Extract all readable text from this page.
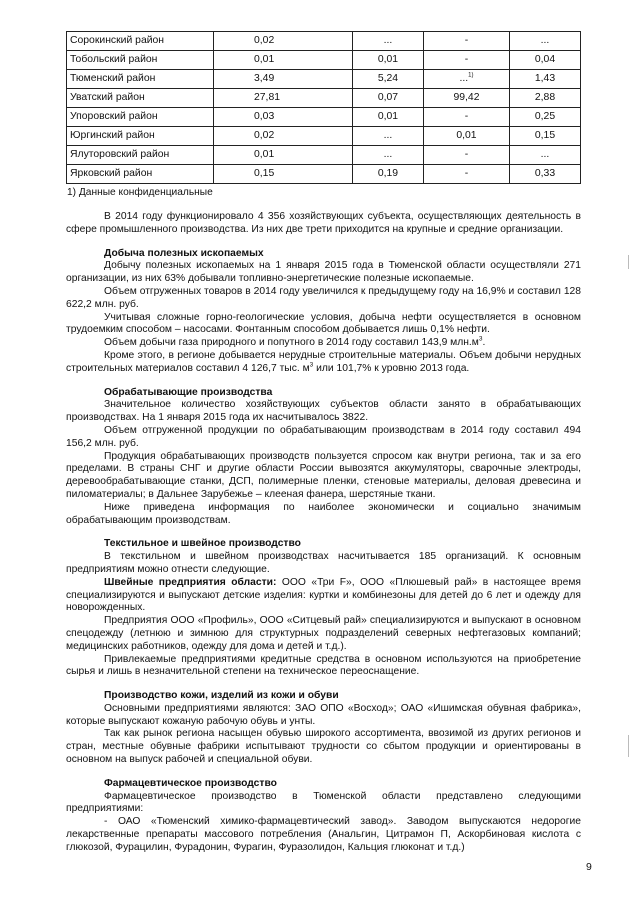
Сорокинский район	0,02	...	-	...
Тобольский район	0,01	0,01	-	0,04
Тюменский район	3,49	5,24	...$^{1)}$	1,43
Уватский район	27,81	0,07	99,42	2,88
Упоровский район	0,03	0,01	-	0,25
Юргинский район	0,02	...	0,01	0,15
Ялуторовский район	0,01	...	-	...
Ярковский район	0,15	0,19	-	0,33
1) Данные конфиденциальные

В 2014 году функционировало 4 356 хозяйствующих субъекта, осуществляющих деятельность в сфере промышленного производства. Из них две трети приходится на крупные и средние организации.

Добыча полезных ископаемых

Добычу полезных ископаемых на 1 января 2015 года в Тюменской области осуществляли 271 организации, из них 63% добывали топливно-энергетические полезные ископаемые.

Объем отгруженных товаров в 2014 году увеличился к предыдущему году на 16,9% и составил 128 622,2 млн. руб.

Учитывая сложные горно-геологические условия, добыча нефти осуществляется в основном трудоемким способом – насосами. Фонтанным способом добывается лишь 0,1% нефти.

Объем добычи газа природного и попутного в 2014 году составил 143,9 $млн.м^3$.

Кроме этого, в регионе добывается нерудные строительные материалы. Объем добычи нерудных строительных материалов составил 4 126,7 тыс. $м^3$ или 101,7% к уровню 2013 года.

Обрабатывающие производства

Значительное количество хозяйствующих субъектов области занято в обрабатывающих производствах. На 1 января 2015 года их насчитывалось 3822.

Объем отгруженной продукции по обрабатывающим производствам в 2014 году составил 494 156,2 млн. руб.

Продукция обрабатывающих производств пользуется спросом как внутри региона, так и за его пределами. В страны СНГ и другие области России вывозятся аккумуляторы, сварочные электроды, деревообрабатывающие станки, ДСП, полимерные пленки, стеновые материалы, деловая древесина и пиломатериалы; в Дальнее Зарубежье – клееная фанера, шерстяные ткани.

Ниже приведена информация по наиболее экономически и социально значимым обрабатывающим производствам.

Текстильное и швейное производство

В текстильном и швейном производствах насчитывается 185 организаций. К основным предприятиям можно отнести следующие.

Швейные предприятия области: ООО «Три F», ООО «Плюшевый рай» в настоящее время специализируются и выпускают детские изделия: куртки и комбинезоны для детей до 6 лет и одежду для новорожденных.

Предприятия ООО «Профиль», ООО «Ситцевый рай» специализируются и выпускают в основном спецодежду (летнюю и зимнюю для структурных подразделений северных нефтегазовых компаний; медицинских работников, одежду для дома и детей и т.д.).

Привлекаемые предприятиями кредитные средства в основном используются на приобретение сырья и лишь в незначительной степени на техническое переоснащение.

Производство кожи, изделий из кожи и обуви

Основными предприятиями являются: ЗАО ОПО «Восход»; ОАО «Ишимская обувная фабрика», которые выпускают кожаную рабочую обувь и унты.

Так как рынок региона насыщен обувью широкого ассортимента, ввозимой из других регионов и стран, местные обувные фабрики испытывают трудности со сбытом продукции и ориентированы в основном на выпуск рабочей и специальной обуви.

Фармацевтическое производство

Фармацевтическое производство в Тюменской области представлено следующими предприятиями:

- ОАО «Тюменский химико-фармацевтический завод». Заводом выпускаются недорогие лекарственные препараты массового потребления (Анальгин, Цитрамон П, Аскорбиновая кислота с глюкозой, Фурацилин, Фурадонин, Фурагин, Фуразолидон, Кальция глюконат и т.д.)

9
